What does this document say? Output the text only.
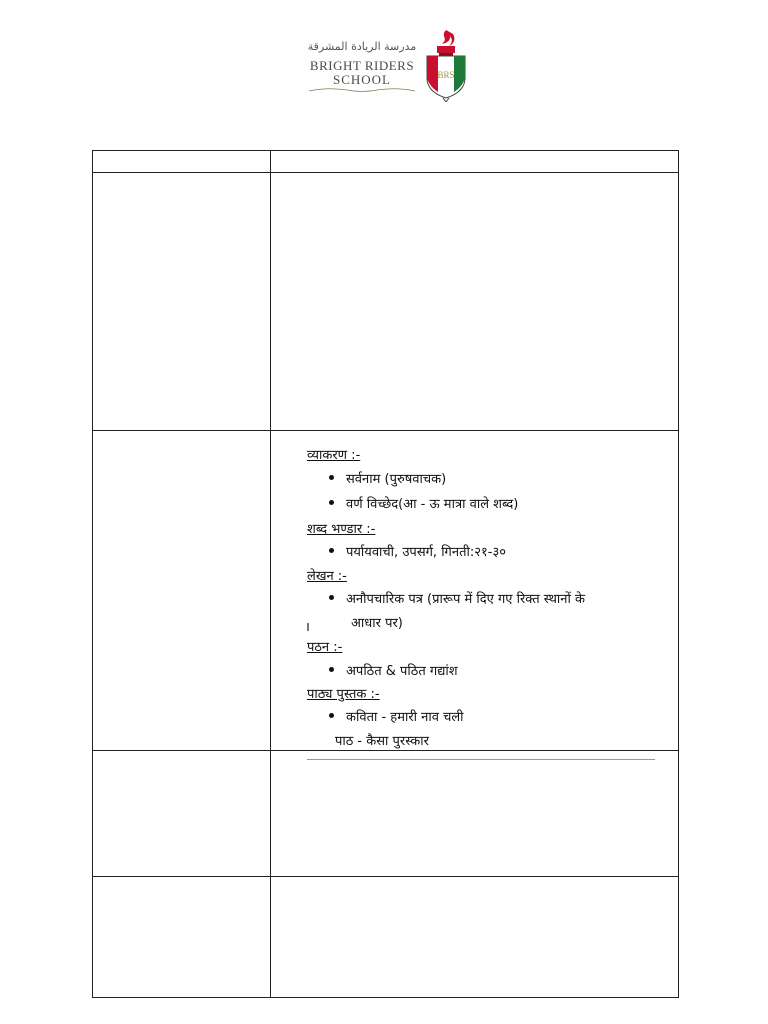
مدرسة الريادة المشرقة
BRIGHT RIDERS
SCHOOL	BRS
व्याकरण :-
सर्वनाम (पुरुषवाचक)
वर्ण विच्छेद(आ - ऊ मात्रा वाले शब्द)
शब्द भण्डार :-
पर्यायवाची, उपसर्ग, गिनती:२१-३०
लेखन :-
अनौपचारिक पत्र (प्रारूप में दिए गए रिक्त स्थानों के
आधार पर)
पठन :-
अपठित & पठित गद्यांश
पाठ्य पुस्तक :-
कविता - हमारी नाव चली
पाठ - कैसा पुरस्कार
